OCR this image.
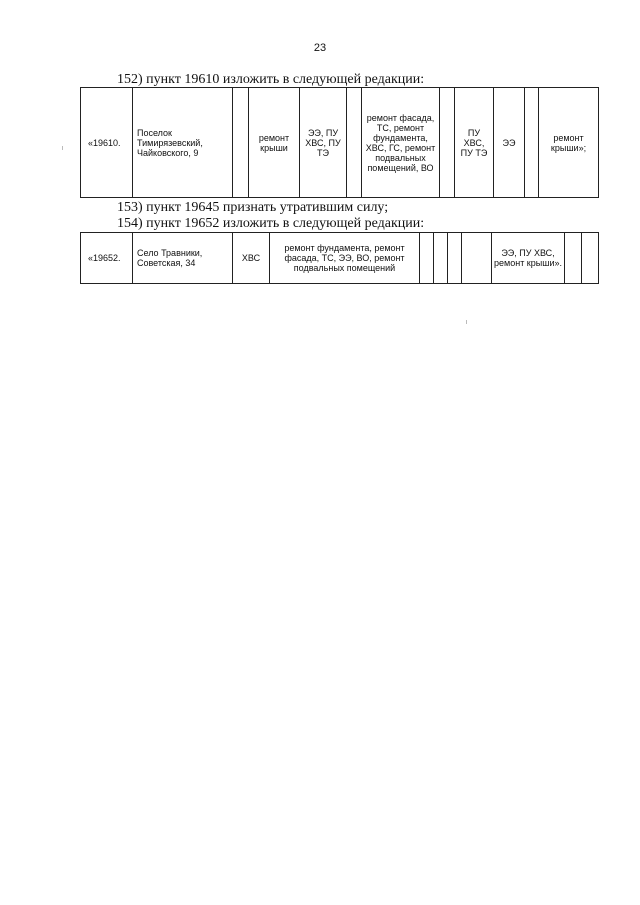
23
152) пункт 19610 изложить в следующей редакции:
«19610.	Поселок Тимирязевский, Чайковского, 9		ремонт крыши	ЭЭ, ПУ ХВС, ПУ ТЭ		ремонт фасада, ТС, ремонт фундамента, ХВС, ГС, ремонт подвальных помещений, ВО		ПУ ХВС, ПУ ТЭ	ЭЭ		ремонт крыши»;
153) пункт 19645 признать утратившим силу;
154) пункт 19652 изложить в следующей редакции:
«19652.	Село Травники, Советская, 34	ХВС	ремонт фундамента, ремонт фасада, ТС, ЭЭ, ВО, ремонт подвальных помещений					ЭЭ, ПУ ХВС, ремонт крыши».		
